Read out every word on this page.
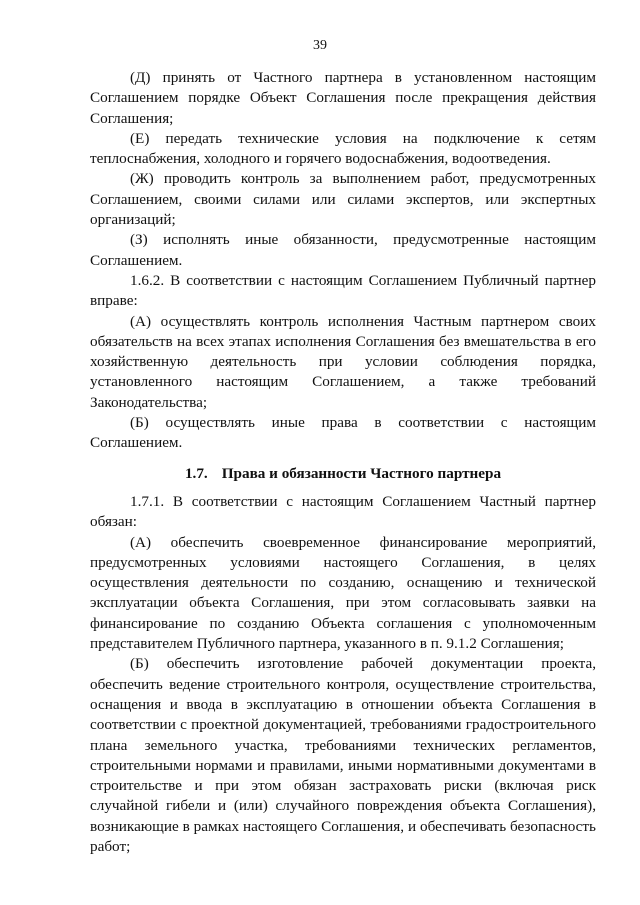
39

(Д) принять от Частного партнера в установленном настоящим Соглашением порядке Объект Соглашения после прекращения действия Соглашения;

(Е) передать технические условия на подключение к сетям теплоснабжения, холодного и горячего водоснабжения, водоотведения.

(Ж) проводить контроль за выполнением работ, предусмотренных Соглашением, своими силами или силами экспертов, или экспертных организаций;

(З) исполнять иные обязанности, предусмотренные настоящим Соглашением.

1.6.2. В соответствии с настоящим Соглашением Публичный партнер вправе:

(А) осуществлять контроль исполнения Частным партнером своих обязательств на всех этапах исполнения Соглашения без вмешательства в его хозяйственную деятельность при условии соблюдения порядка, установленного настоящим Соглашением, а также требований Законодательства;

(Б) осуществлять иные права в соответствии с настоящим Соглашением.

1.7. Права и обязанности Частного партнера

1.7.1. В соответствии с настоящим Соглашением Частный партнер обязан:

(А) обеспечить своевременное финансирование мероприятий, предусмотренных условиями настоящего Соглашения, в целях осуществления деятельности по созданию, оснащению и технической эксплуатации объекта Соглашения, при этом согласовывать заявки на финансирование по созданию Объекта соглашения с уполномоченным представителем Публичного партнера, указанного в п. 9.1.2 Соглашения;

(Б) обеспечить изготовление рабочей документации проекта, обеспечить ведение строительного контроля, осуществление строительства, оснащения и ввода в эксплуатацию в отношении объекта Соглашения в соответствии с проектной документацией, требованиями градостроительного плана земельного участка, требованиями технических регламентов, строительными нормами и правилами, иными нормативными документами в строительстве и при этом обязан застраховать риски (включая риск случайной гибели и (или) случайного повреждения объекта Соглашения), возникающие в рамках настоящего Соглашения, и обеспечивать безопасность работ;
